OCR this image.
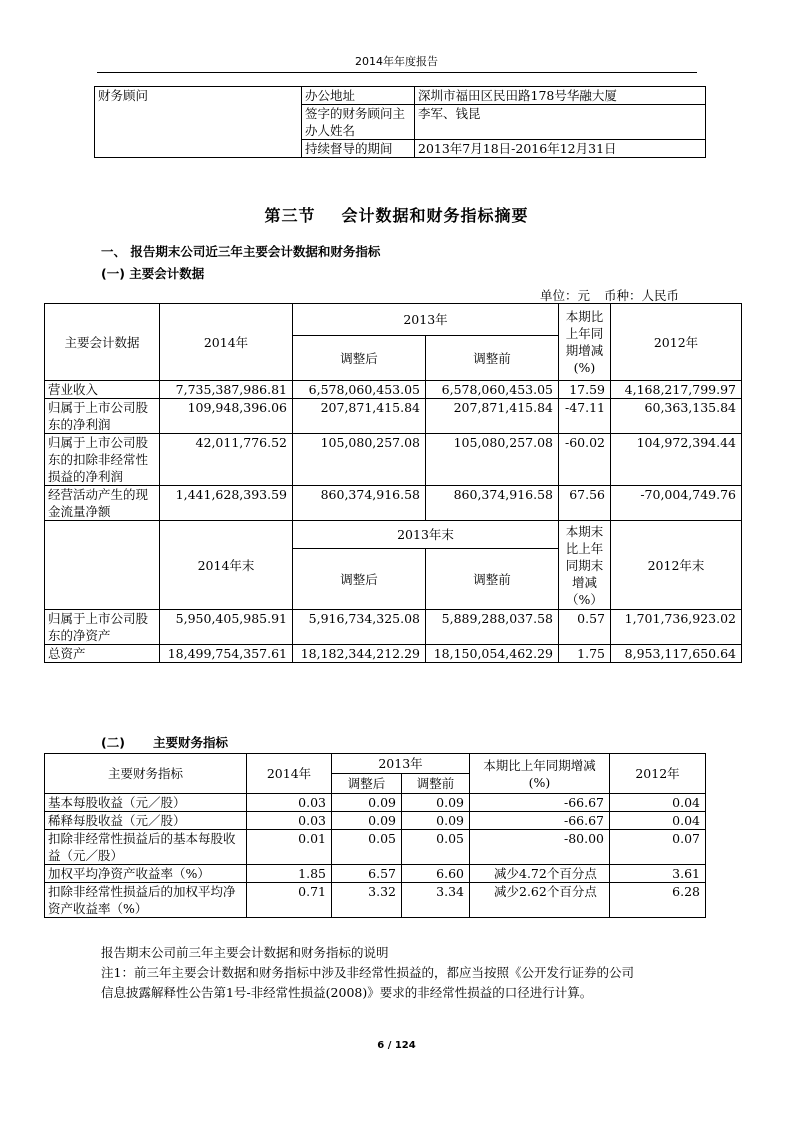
2014年年度报告
财务顾问	办公地址	深圳市福田区民田路178号华融大厦
	签字的财务顾问主办人姓名	李军、钱昆
	持续督导的期间	2013年7月18日-2016年12月31日
第三节 会计数据和财务指标摘要
一、 报告期末公司近三年主要会计数据和财务指标
(一) 主要会计数据
单位：元 币种：人民币
主要会计数据	2014年	2013年		本期比上年同期增减(%)	2012年
		调整后	调整前		
营业收入	7,735,387,986.81	6,578,060,453.05	6,578,060,453.05	17.59	4,168,217,799.97
归属于上市公司股东的净利润	109,948,396.06	207,871,415.84	207,871,415.84	-47.11	60,363,135.84
归属于上市公司股东的扣除非经常性损益的净利润	42,011,776.52	105,080,257.08	105,080,257.08	-60.02	104,972,394.44
经营活动产生的现金流量净额	1,441,628,393.59	860,374,916.58	860,374,916.58	67.56	-70,004,749.76
	2014年末	2013年末		本期末比上年同期末增减（%）	2012年末
		调整后	调整前		
归属于上市公司股东的净资产	5,950,405,985.91	5,916,734,325.08	5,889,288,037.58	0.57	1,701,736,923.02
总资产	18,499,754,357.61	18,182,344,212.29	18,150,054,462.29	1.75	8,953,117,650.64
(二) 主要财务指标
主要财务指标	2014年	2013年		本期比上年同期增减(%)	2012年
		调整后	调整前		
基本每股收益（元／股）	0.03	0.09	0.09	-66.67	0.04
稀释每股收益（元／股）	0.03	0.09	0.09	-66.67	0.04
扣除非经常性损益后的基本每股收益（元／股）	0.01	0.05	0.05	-80.00	0.07
加权平均净资产收益率（%）	1.85	6.57	6.60	减少4.72个百分点	3.61
扣除非经常性损益后的加权平均净资产收益率（%）	0.71	3.32	3.34	减少2.62个百分点	6.28
报告期末公司前三年主要会计数据和财务指标的说明
注1：前三年主要会计数据和财务指标中涉及非经常性损益的，都应当按照《公开发行证券的公司
信息披露解释性公告第1号-非经常性损益(2008)》要求的非经常性损益的口径进行计算。
6 / 124
